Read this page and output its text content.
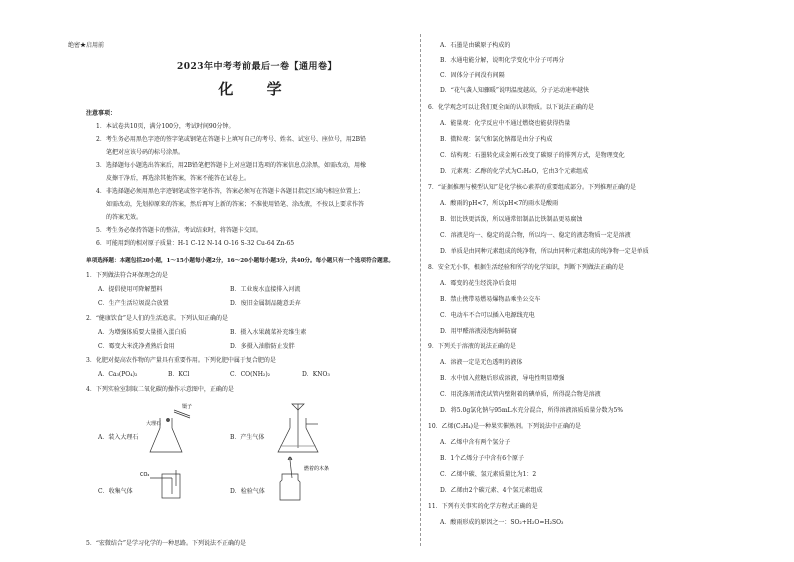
绝密★启用前
2023年中考考前最后一卷【通用卷】
化 学
注意事项：
1．本试卷共10页，满分100分，考试时间90分钟。
2．考生务必用黑色字迹的签字笔或钢笔在答题卡上填写自己的考号、姓名、试室号、座位号，用2B铅
笔把对应该号码的标号涂黑。
3．选择题每小题选出答案后，用2B铅笔把答题卡上对应题目选项的答案信息点涂黑，如需改动，用橡
皮擦干净后，再选涂其他答案，答案不能答在试卷上。
4．非选择题必须用黑色字迹钢笔或签字笔作答，答案必须写在答题卡各题目指定区域内相应位置上；
如需改动，先划掉原来的答案，然后再写上新的答案；不准使用铅笔、涂改液，不按以上要求作答
的答案无效。
5．考生务必保持答题卡的整洁，考试结束时，将答题卡交回。
6．可能用到的相对原子质量：H-1 C-12 N-14 O-16 S-32 Cu-64 Zn-65
单项选择题：本题包括20小题，1～15小题每小题2分，16～20小题每小题3分，共40分。每小题只有一个选项符合题意。
1．下列做法符合环保理念的是
A．提倡使用可降解塑料	B．工业废水直接排入河流
C．生产生活垃圾混合放置	D．废旧金属制品随意丢弃
2．“健康饮食”是人们的生活追求。下列认知正确的是
A．为增强体质要大量摄入蛋白质	B．摄入水果蔬菜补充维生素
C．霉变大米洗净煮熟后食用	D．多摄入油脂防止发胖
3．化肥对提高农作物的产量具有重要作用。下列化肥中属于复合肥的是
A．Ca₃(PO₄)₂	B．KCl	C．CO(NH₂)₂	D．KNO₃
4．下列实验室制取二氧化碳的操作示意图中，正确的是
A．装入大理石	B．产生气体
C．收集气体	D．检验气体
镊子
大理石
CO₂
燃着的木条
5．“宏微结合”是学习化学的一种思路。下列说法不正确的是
A．石墨是由碳原子构成的
B．水通电能分解，说明化学变化中分子可再分
C．固体分子间没有间隔
D．“花气袭人知骤暖”说明温度越高，分子运动速率越快
6．化学观念可以让我们更全面的认识物质。以下说法正确的是
A．能量观：化学反应中不通过燃烧也能获得热量
B．微粒观：氯气和氯化钠都是由分子构成
C．结构观：石墨转化成金刚石改变了碳原子的排列方式，是物理变化
D．元素观：乙醇的化学式为C₂H₆O，它由3个元素组成
7．“证据推理与模型认知”是化学核心素养的重要组成部分。下列推理正确的是
A．酸雨的pH<7，所以pH<7的雨水是酸雨
B．铝比铁更活泼，所以通常铝制品比铁制品更易腐蚀
C．溶液是均一、稳定的混合物，所以均一、稳定的液态物质一定是溶液
D．单质是由同种元素组成的纯净物，所以由同种元素组成的纯净物一定是单质
8．安全无小事，根据生活经验和所学的化学知识，判断下列做法正确的是
A．霉变的花生经洗净后食用
B．禁止携带易燃易爆物品乘坐公交车
C．电动车不合可以插入电源线充电
D．用甲醛溶液浸泡海鲜防腐
9．下列关于溶液的说法正确的是
A．溶液一定是无色透明的液体
B．水中加入蔗糖后形成溶液，导电性明显增强
C．用洗涤剂清洗试管内壁附着的碘单质，所得混合物是溶液
D．将5.0g氯化钠与95mL水充分混合，所得溶液溶质质量分数为5%
10．乙烯(C₂H₄)是一种果实催熟剂。下列说法中正确的是
A．乙烯中含有两个氢分子
B．1个乙烯分子中含有6个原子
C．乙烯中碳、氢元素质量比为1：2
D．乙烯由2个碳元素、4个氢元素组成
11．下列有关事实的化学方程式正确的是
A．酸雨形成的原因之一：SO₂+H₂O=H₂SO₃
